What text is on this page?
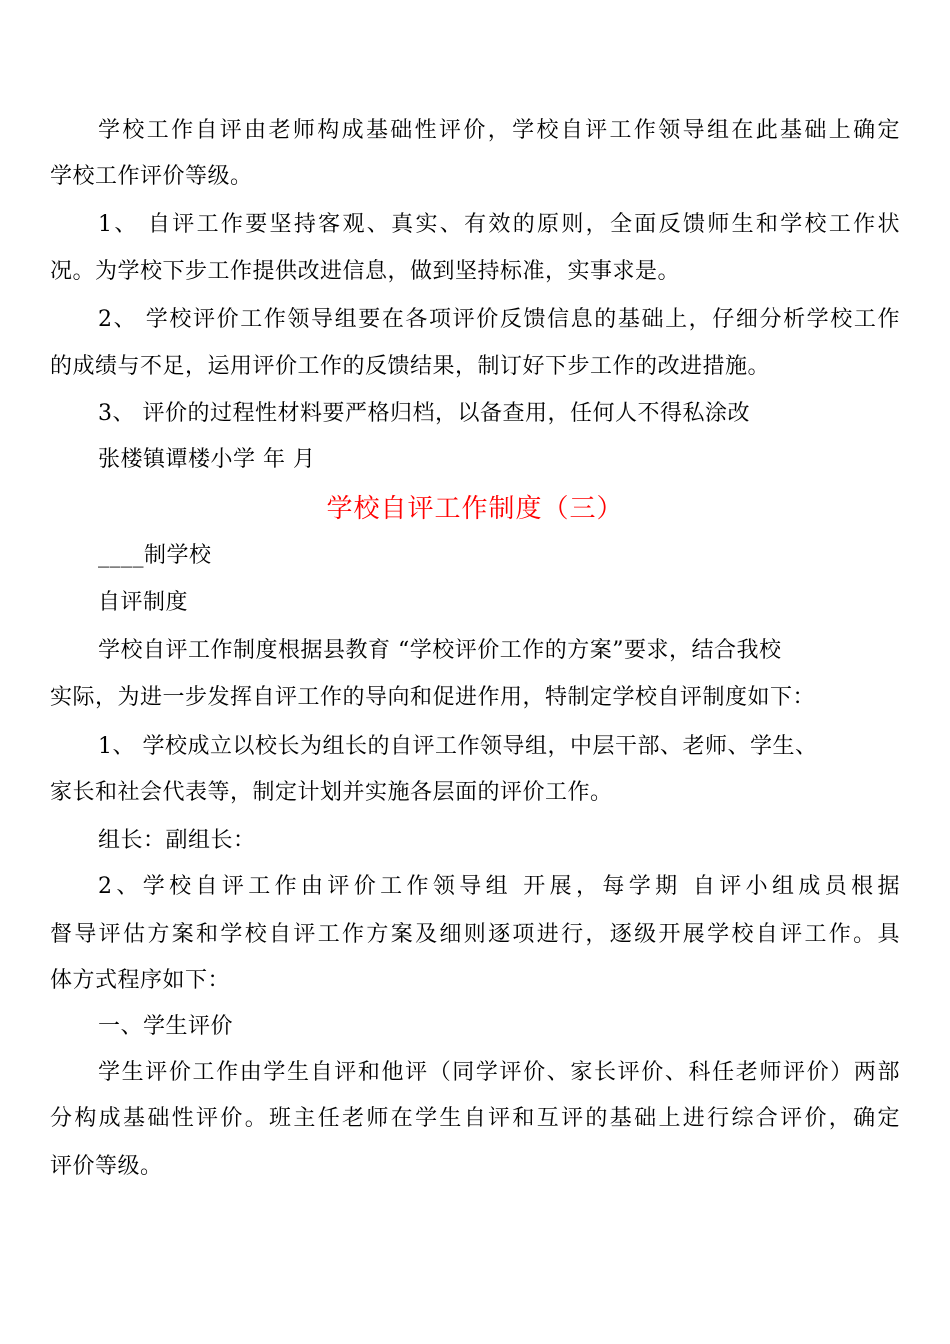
学校工作自评由老师构成基础性评价，学校自评工作领导组在此基础上确定
学校工作评价等级。
1、 自评工作要坚持客观、真实、有效的原则，全面反馈师生和学校工作状
况。为学校下步工作提供改进信息，做到坚持标准，实事求是。
2、 学校评价工作领导组要在各项评价反馈信息的基础上，仔细分析学校工作
的成绩与不足，运用评价工作的反馈结果，制订好下步工作的改进措施。
3、 评价的过程性材料要严格归档，以备查用，任何人不得私涂改
张楼镇谭楼小学 年 月
学校自评工作制度（三）
____制学校
自评制度
学校自评工作制度根据县教育 “学校评价工作的方案”要求，结合我校
实际，为进一步发挥自评工作的导向和促进作用，特制定学校自评制度如下：
1、 学校成立以校长为组长的自评工作领导组，中层干部、老师、学生、
家长和社会代表等，制定计划并实施各层面的评价工作。
组长：副组长：
2、学校自评工作由评价工作领导组 开展，每学期 自评小组成员根据
督导评估方案和学校自评工作方案及细则逐项进行，逐级开展学校自评工作。具
体方式程序如下：
一、学生评价
学生评价工作由学生自评和他评（同学评价、家长评价、科任老师评价）两部
分构成基础性评价。班主任老师在学生自评和互评的基础上进行综合评价，确定
评价等级。
